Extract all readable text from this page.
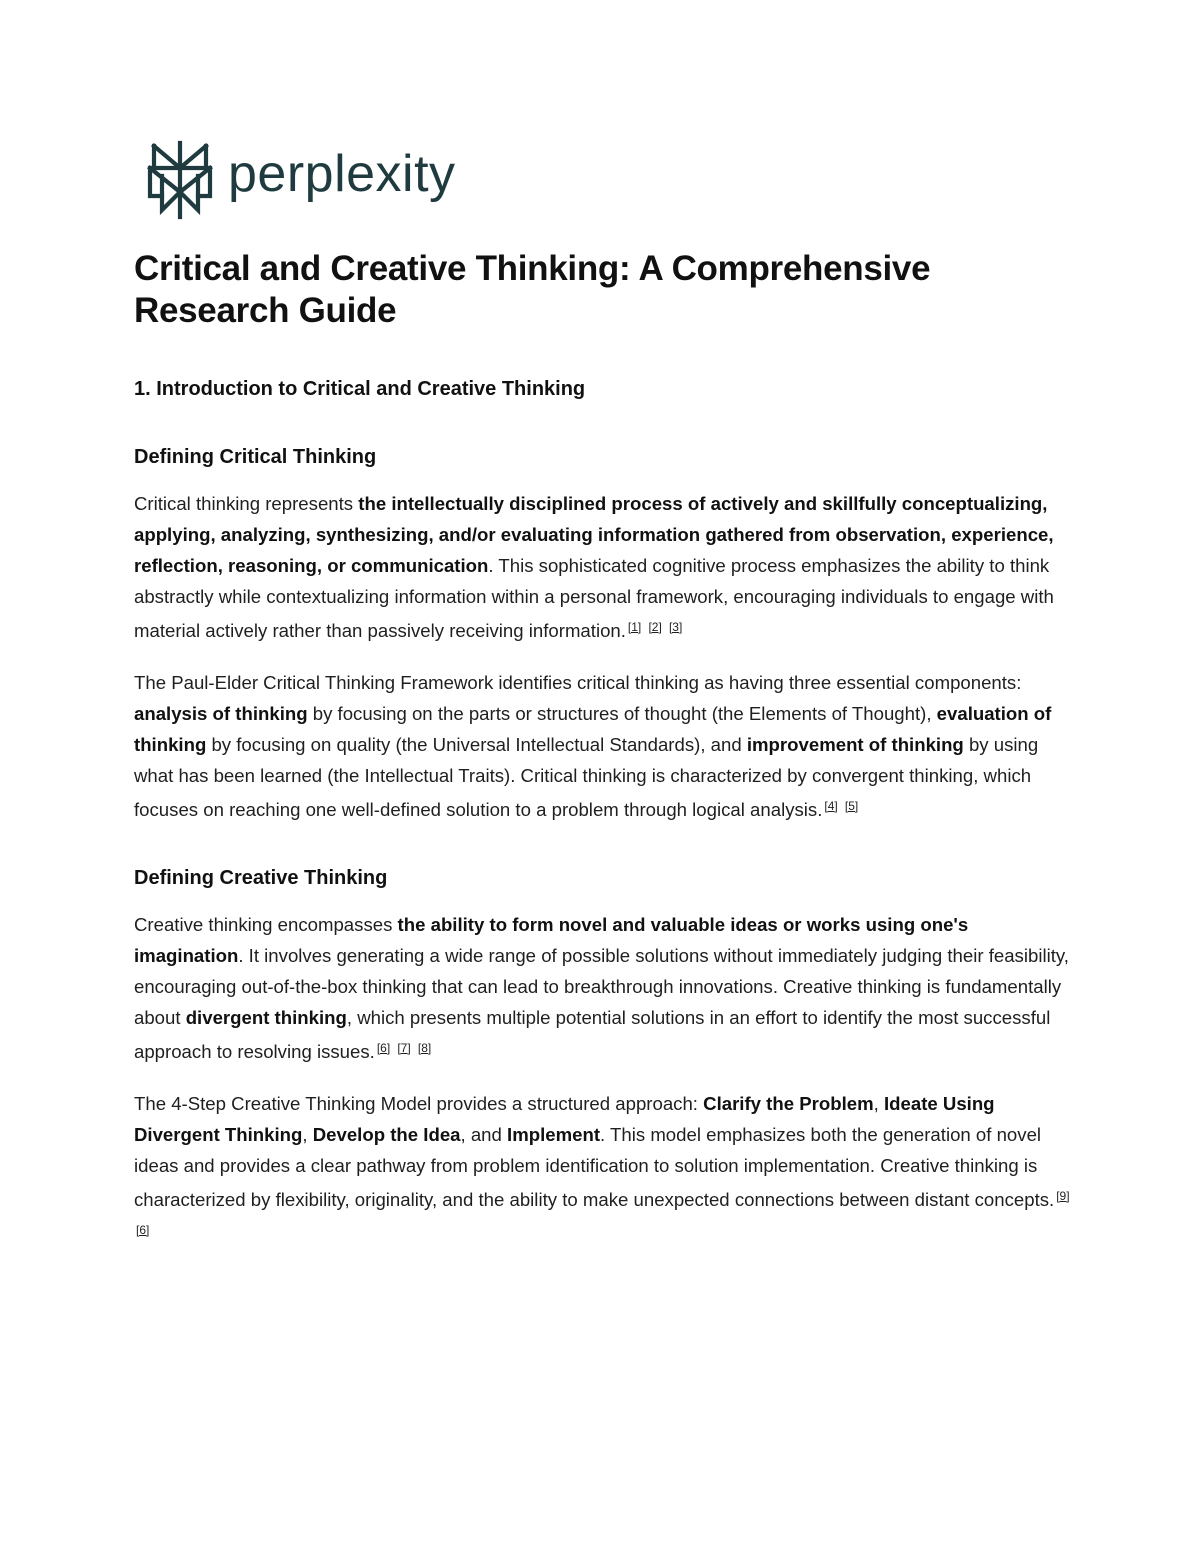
perplexity
Critical and Creative Thinking: A Comprehensive Research Guide
1. Introduction to Critical and Creative Thinking
Defining Critical Thinking

Critical thinking represents the intellectually disciplined process of actively and skillfully conceptualizing, applying, analyzing, synthesizing, and/or evaluating information gathered from observation, experience, reflection, reasoning, or communication. This sophisticated cognitive process emphasizes the ability to think abstractly while contextualizing information within a personal framework, encouraging individuals to engage with material actively rather than passively receiving information. [1] [2] [3]

The Paul-Elder Critical Thinking Framework identifies critical thinking as having three essential components: analysis of thinking by focusing on the parts or structures of thought (the Elements of Thought), evaluation of thinking by focusing on quality (the Universal Intellectual Standards), and improvement of thinking by using what has been learned (the Intellectual Traits). Critical thinking is characterized by convergent thinking, which focuses on reaching one well-defined solution to a problem through logical analysis. [4] [5]

Defining Creative Thinking

Creative thinking encompasses the ability to form novel and valuable ideas or works using one's imagination. It involves generating a wide range of possible solutions without immediately judging their feasibility, encouraging out-of-the-box thinking that can lead to breakthrough innovations. Creative thinking is fundamentally about divergent thinking, which presents multiple potential solutions in an effort to identify the most successful approach to resolving issues. [6] [7] [8]

The 4-Step Creative Thinking Model provides a structured approach: Clarify the Problem, Ideate Using Divergent Thinking, Develop the Idea, and Implement. This model emphasizes both the generation of novel ideas and provides a clear pathway from problem identification to solution implementation. Creative thinking is characterized by flexibility, originality, and the ability to make unexpected connections between distant concepts. [9] [6]
